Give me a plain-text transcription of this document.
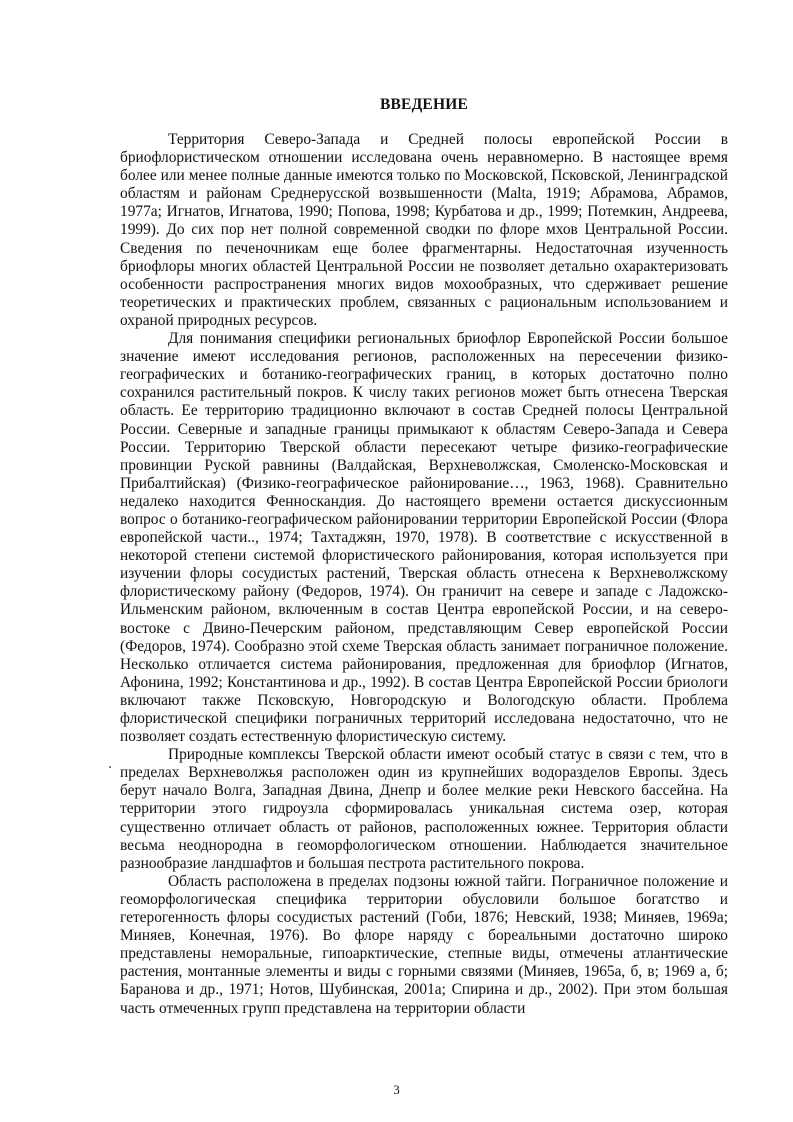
ВВЕДЕНИЕ

Территория Северо-Запада и Средней полосы европейской России в бриофлористическом отношении исследована очень неравномерно. В настоящее время более или менее полные данные имеются только по Московской, Псковской, Ленинградской областям и районам Среднерусской возвышенности (Malta, 1919; Абрамова, Абрамов, 1977а; Игнатов, Игнатова, 1990; Попова, 1998; Курбатова и др., 1999; Потемкин, Андреева, 1999). До сих пор нет полной современной сводки по флоре мхов Центральной России. Сведения по печеночникам еще более фрагментарны. Недостаточная изученность бриофлоры многих областей Центральной России не позволяет детально охарактеризовать особенности распространения многих видов мохообразных, что сдерживает решение теоретических и практических проблем, связанных с рациональным использованием и охраной природных ресурсов.

Для понимания специфики региональных бриофлор Европейской России большое значение имеют исследования регионов, расположенных на пересечении физико-географических и ботанико-географических границ, в которых достаточно полно сохранился растительный покров. К числу таких регионов может быть отнесена Тверская область. Ее территорию традиционно включают в состав Средней полосы Центральной России. Северные и западные границы примыкают к областям Северо-Запада и Севера России. Территорию Тверской области пересекают четыре физико-географические провинции Руской равнины (Валдайская, Верхневолжская, Смоленско-Московская и Прибалтийская) (Физико-географическое районирование…, 1963, 1968). Сравнительно недалеко находится Фенноскандия. До настоящего времени остается дискуссионным вопрос о ботанико-географическом районировании территории Европейской России (Флора европейской части.., 1974; Тахтаджян, 1970, 1978). В соответствие с искусственной в некоторой степени системой флористического районирования, которая используется при изучении флоры сосудистых растений, Тверская область отнесена к Верхневолжскому флористическому району (Федоров, 1974). Он граничит на севере и западе с Ладожско-Ильменским районом, включенным в состав Центра европейской России, и на северо-востоке с Двино-Печерским районом, представляющим Север европейской России (Федоров, 1974). Сообразно этой схеме Тверская область занимает пограничное положение. Несколько отличается система районирования, предложенная для бриофлор (Игнатов, Афонина, 1992; Константинова и др., 1992). В состав Центра Европейской России бриологи включают также Псковскую, Новгородскую и Вологодскую области. Проблема флористической специфики пограничных территорий исследована недостаточно, что не позволяет создать естественную флористическую систему.

Природные комплексы Тверской области имеют особый статус в связи с тем, что в пределах Верхневолжья расположен один из крупнейших водоразделов Европы. Здесь берут начало Волга, Западная Двина, Днепр и более мелкие реки Невского бассейна. На территории этого гидроузла сформировалась уникальная система озер, которая существенно отличает область от районов, расположенных южнее. Территория области весьма неоднородна в геоморфологическом отношении. Наблюдается значительное разнообразие ландшафтов и большая пестрота растительного покрова.

Область расположена в пределах подзоны южной тайги. Пограничное положение и геоморфологическая специфика территории обусловили большое богатство и гетерогенность флоры сосудистых растений (Гоби, 1876; Невский, 1938; Миняев, 1969а; Миняев, Конечная, 1976). Во флоре наряду с бореальными достаточно широко представлены неморальные, гипоарктические, степные виды, отмечены атлантические растения, монтанные элементы и виды с горными связями (Миняев, 1965а, б, в; 1969 а, б; Баранова и др., 1971; Нотов, Шубинская, 2001а; Спирина и др., 2002). При этом большая часть отмеченных групп представлена на территории области

3
